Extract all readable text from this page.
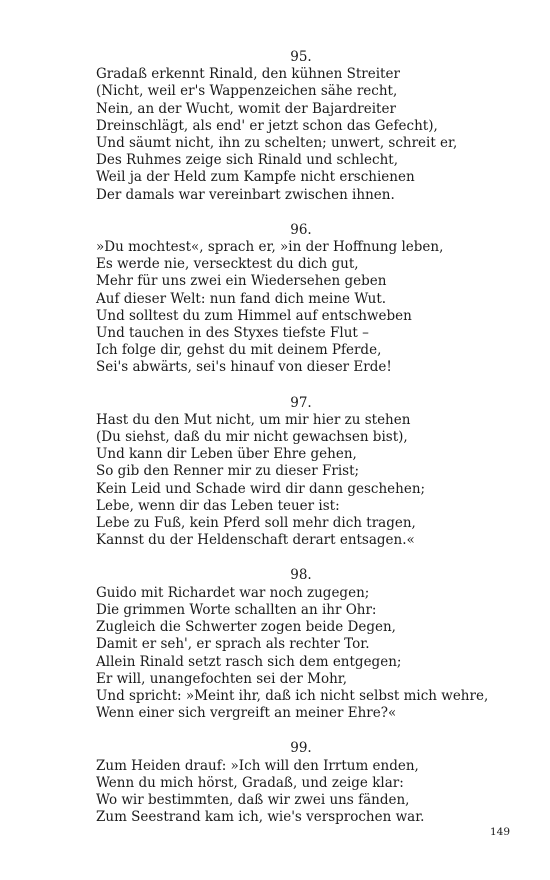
95.
Gradaß erkennt Rinald, den kühnen Streiter
(Nicht, weil er's Wappenzeichen sähe recht,
Nein, an der Wucht, womit der Bajardreiter
Dreinschlägt, als end' er jetzt schon das Gefecht),
Und säumt nicht, ihn zu schelten; unwert, schreit er,
Des Ruhmes zeige sich Rinald und schlecht,
Weil ja der Held zum Kampfe nicht erschienen
Der damals war vereinbart zwischen ihnen.
96.
»Du mochtest«, sprach er, »in der Hoffnung leben,
Es werde nie, versecktest du dich gut,
Mehr für uns zwei ein Wiedersehen geben
Auf dieser Welt: nun fand dich meine Wut.
Und solltest du zum Himmel auf entschweben
Und tauchen in des Styxes tiefste Flut –
Ich folge dir, gehst du mit deinem Pferde,
Sei's abwärts, sei's hinauf von dieser Erde!
97.
Hast du den Mut nicht, um mir hier zu stehen
(Du siehst, daß du mir nicht gewachsen bist),
Und kann dir Leben über Ehre gehen,
So gib den Renner mir zu dieser Frist;
Kein Leid und Schade wird dir dann geschehen;
Lebe, wenn dir das Leben teuer ist:
Lebe zu Fuß, kein Pferd soll mehr dich tragen,
Kannst du der Heldenschaft derart entsagen.«
98.
Guido mit Richardet war noch zugegen;
Die grimmen Worte schallten an ihr Ohr:
Zugleich die Schwerter zogen beide Degen,
Damit er seh', er sprach als rechter Tor.
Allein Rinald setzt rasch sich dem entgegen;
Er will, unangefochten sei der Mohr,
Und spricht: »Meint ihr, daß ich nicht selbst mich wehre,
Wenn einer sich vergreift an meiner Ehre?«
99.
Zum Heiden drauf: »Ich will den Irrtum enden,
Wenn du mich hörst, Gradaß, und zeige klar:
Wo wir bestimmten, daß wir zwei uns fänden,
Zum Seestrand kam ich, wie's versprochen war.
149
